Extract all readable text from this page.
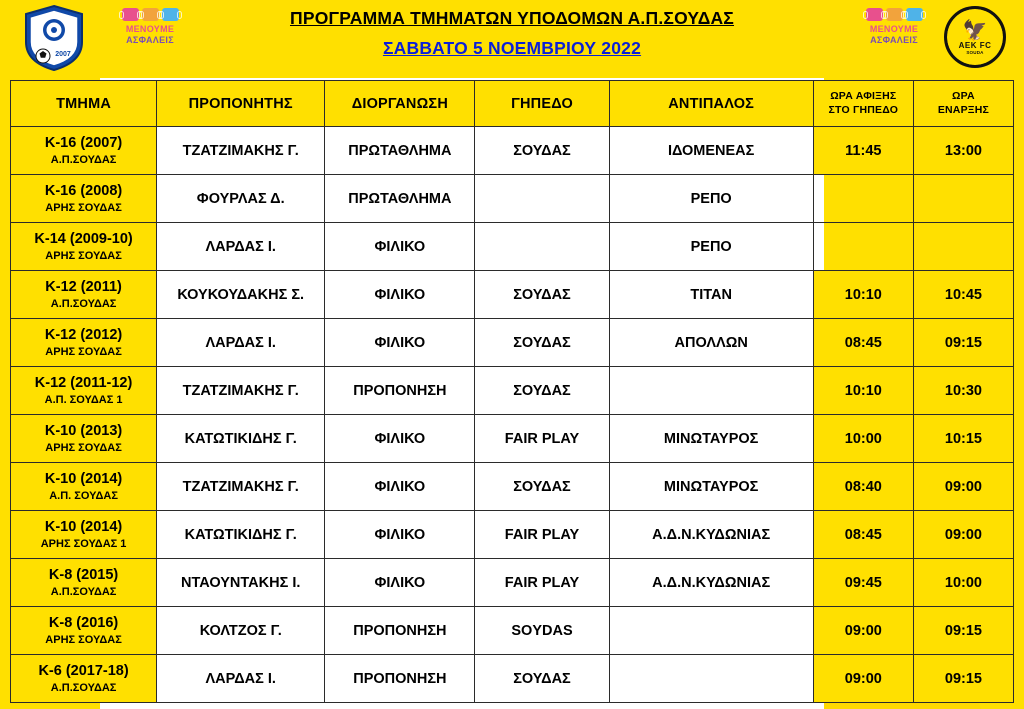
2007
ΜΕΝΟΥΜΕ
ΑΣΦΑΛΕΙΣ
ΠΡΟΓΡΑΜΜΑ ΤΜΗΜΑΤΩΝ ΥΠΟΔΟΜΩΝ Α.Π.ΣΟΥΔΑΣ
ΣΑΒΒΑΤΟ 5 ΝΟΕΜΒΡΙΟΥ 2022
ΜΕΝΟΥΜΕ
ΑΣΦΑΛΕΙΣ	🦅
AEK FC
SOUDA
ΤΜΗΜΑ	ΠΡΟΠΟΝΗΤΗΣ	ΔΙΟΡΓΑΝΩΣΗ	ΓΗΠΕΔΟ	ΑΝΤΙΠΑΛΟΣ	ΩΡΑ ΑΦΙΞΗΣ
ΣΤΟ ΓΗΠΕΔΟ

ΩΡΑ
ΕΝΑΡΞΗΣ

Κ-16 (2007)
Α.Π.ΣΟΥΔΑΣ	ΤΖΑΤΖΙΜΑΚΗΣ Γ.	ΠΡΩΤΑΘΛΗΜΑ	ΣΟΥΔΑΣ	ΙΔΟΜΕΝΕΑΣ	11:45	13:00

Κ-16 (2008)
ΑΡΗΣ ΣΟΥΔΑΣ	ΦΟΥΡΛΑΣ Δ.	ΠΡΩΤΑΘΛΗΜΑ		ΡΕΠΟ		

Κ-14 (2009-10)
ΑΡΗΣ ΣΟΥΔΑΣ	ΛΑΡΔΑΣ Ι.	ΦΙΛΙΚΟ		ΡΕΠΟ		

Κ-12 (2011)
Α.Π.ΣΟΥΔΑΣ	ΚΟΥΚΟΥΔΑΚΗΣ Σ.	ΦΙΛΙΚΟ	ΣΟΥΔΑΣ	TITAN	10:10	10:45

Κ-12 (2012)
ΑΡΗΣ ΣΟΥΔΑΣ	ΛΑΡΔΑΣ Ι.	ΦΙΛΙΚΟ	ΣΟΥΔΑΣ	ΑΠΟΛΛΩΝ	08:45	09:15

Κ-12 (2011-12)
Α.Π. ΣΟΥΔΑΣ 1	ΤΖΑΤΖΙΜΑΚΗΣ Γ.	ΠΡΟΠΟΝΗΣΗ	ΣΟΥΔΑΣ		10:10	10:30

Κ-10 (2013)
ΑΡΗΣ ΣΟΥΔΑΣ	ΚΑΤΩΤΙΚΙΔΗΣ Γ.	ΦΙΛΙΚΟ	FAIR PLAY	ΜΙΝΩΤΑΥΡΟΣ	10:00	10:15

Κ-10 (2014)
Α.Π. ΣΟΥΔΑΣ	ΤΖΑΤΖΙΜΑΚΗΣ Γ.	ΦΙΛΙΚΟ	ΣΟΥΔΑΣ	ΜΙΝΩΤΑΥΡΟΣ	08:40	09:00

Κ-10 (2014)
ΑΡΗΣ ΣΟΥΔΑΣ 1	ΚΑΤΩΤΙΚΙΔΗΣ Γ.	ΦΙΛΙΚΟ	FAIR PLAY	Α.Δ.Ν.ΚΥΔΩΝΙΑΣ	08:45	09:00

Κ-8 (2015)
Α.Π.ΣΟΥΔΑΣ	ΝΤΑΟΥΝΤΑΚΗΣ Ι.	ΦΙΛΙΚΟ	FAIR PLAY	Α.Δ.Ν.ΚΥΔΩΝΙΑΣ	09:45	10:00

Κ-8 (2016)
ΑΡΗΣ ΣΟΥΔΑΣ	ΚΟΛΤΖΟΣ Γ.	ΠΡΟΠΟΝΗΣΗ	SOYDAS		09:00	09:15

Κ-6 (2017-18)
Α.Π.ΣΟΥΔΑΣ	ΛΑΡΔΑΣ Ι.	ΠΡΟΠΟΝΗΣΗ	ΣΟΥΔΑΣ		09:00	09:15
